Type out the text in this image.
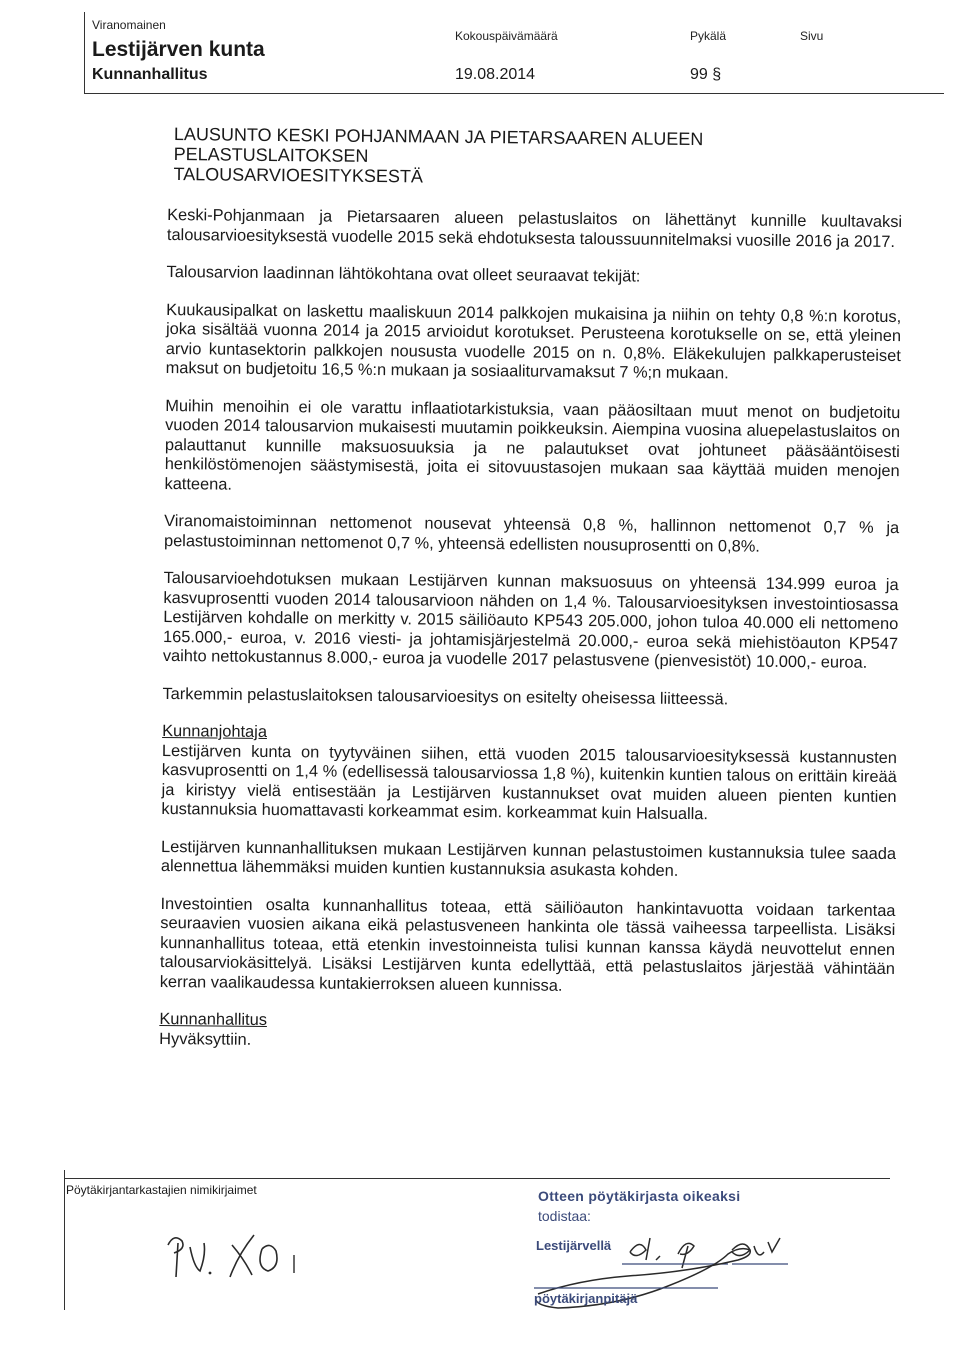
Viranomainen
Lestijärven kunta
Kunnanhallitus
Kokouspäivämäärä
19.08.2014
Pykälä
99 §
Sivu
LAUSUNTO KESKI POHJANMAAN JA PIETARSAAREN ALUEEN PELASTUSLAITOKSEN
TALOUSARVIOESITYKSESTÄ

Keski-Pohjanmaan ja Pietarsaaren alueen pelastuslaitos on lähettänyt kunnille kuultavaksi talousarvioesityksestä vuodelle 2015 sekä ehdotuksesta taloussuunnitelmaksi vuosille 2016 ja 2017.

Talousarvion laadinnan lähtökohtana ovat olleet seuraavat tekijät:

Kuukausipalkat on laskettu maaliskuun 2014 palkkojen mukaisina ja niihin on tehty 0,8 %:n korotus, joka sisältää vuonna 2014 ja 2015 arvioidut korotukset. Perusteena korotukselle on se, että yleinen arvio kuntasektorin palkkojen noususta vuodelle 2015 on n. 0,8%. Eläkekulujen palkkaperusteiset maksut on budjetoitu 16,5 %:n mukaan ja sosiaaliturvamaksut 7 %;n mukaan.

Muihin menoihin ei ole varattu inflaatiotarkistuksia, vaan pääosiltaan muut menot on budjetoitu vuoden 2014 talousarvion mukaisesti muutamin poikkeuksin. Aiempina vuosina aluepelastuslaitos on palauttanut kunnille maksuosuuksia ja ne palautukset ovat johtuneet pääsääntöisesti henkilöstömenojen säästymisestä, joita ei sitovuustasojen mukaan saa käyttää muiden menojen katteena.

Viranomaistoiminnan nettomenot nousevat yhteensä 0,8 %, hallinnon nettomenot 0,7 % ja pelastustoiminnan nettomenot 0,7 %, yhteensä edellisten nousuprosentti on 0,8%.

Talousarvioehdotuksen mukaan Lestijärven kunnan maksuosuus on yhteensä 134.999 euroa ja kasvuprosentti vuoden 2014 talousarvioon nähden on 1,4 %. Talousarvioesityksen investointiosassa Lestijärven kohdalle on merkitty v. 2015 säiliöauto KP543 205.000, johon tuloa 40.000 eli nettomeno 165.000,- euroa, v. 2016 viesti- ja johtamisjärjestelmä 20.000,- euroa sekä miehistöauton KP547 vaihto nettokustannus 8.000,- euroa ja vuodelle 2017 pelastusvene (pienvesistöt) 10.000,- euroa.

Tarkemmin pelastuslaitoksen talousarvioesitys on esitelty oheisessa liitteessä.

Kunnanjohtaja

Lestijärven kunta on tyytyväinen siihen, että vuoden 2015 talousarvioesityksessä kustannusten kasvuprosentti on 1,4 % (edellisessä talousarviossa 1,8 %), kuitenkin kuntien talous on erittäin kireää ja kiristyy vielä entisestään ja Lestijärven kustannukset ovat muiden alueen pienten kuntien kustannuksia huomattavasti korkeammat esim. korkeammat kuin Halsualla.

Lestijärven kunnanhallituksen mukaan Lestijärven kunnan pelastustoimen kustannuksia tulee saada alennettua lähemmäksi muiden kuntien kustannuksia asukasta kohden.

Investointien osalta kunnanhallitus toteaa, että säiliöauton hankintavuotta voidaan tarkentaa seuraavien vuosien aikana eikä pelastusveneen hankinta ole tässä vaiheessa tarpeellista. Lisäksi kunnanhallitus toteaa, että etenkin investoinneista tulisi kunnan kanssa käydä neuvottelut ennen talousarviokäsittelyä. Lisäksi Lestijärven kunta edellyttää, että pelastuslaitos järjestää vähintään kerran vaalikaudessa kuntakierroksen alueen kunnissa.

Kunnanhallitus

Hyväksyttiin.

Pöytäkirjantarkastajien nimikirjaimet	Otteen pöytäkirjasta oikeaksi
todistaa:
Lestijärvellä
pöytäkirjanpitäjä
